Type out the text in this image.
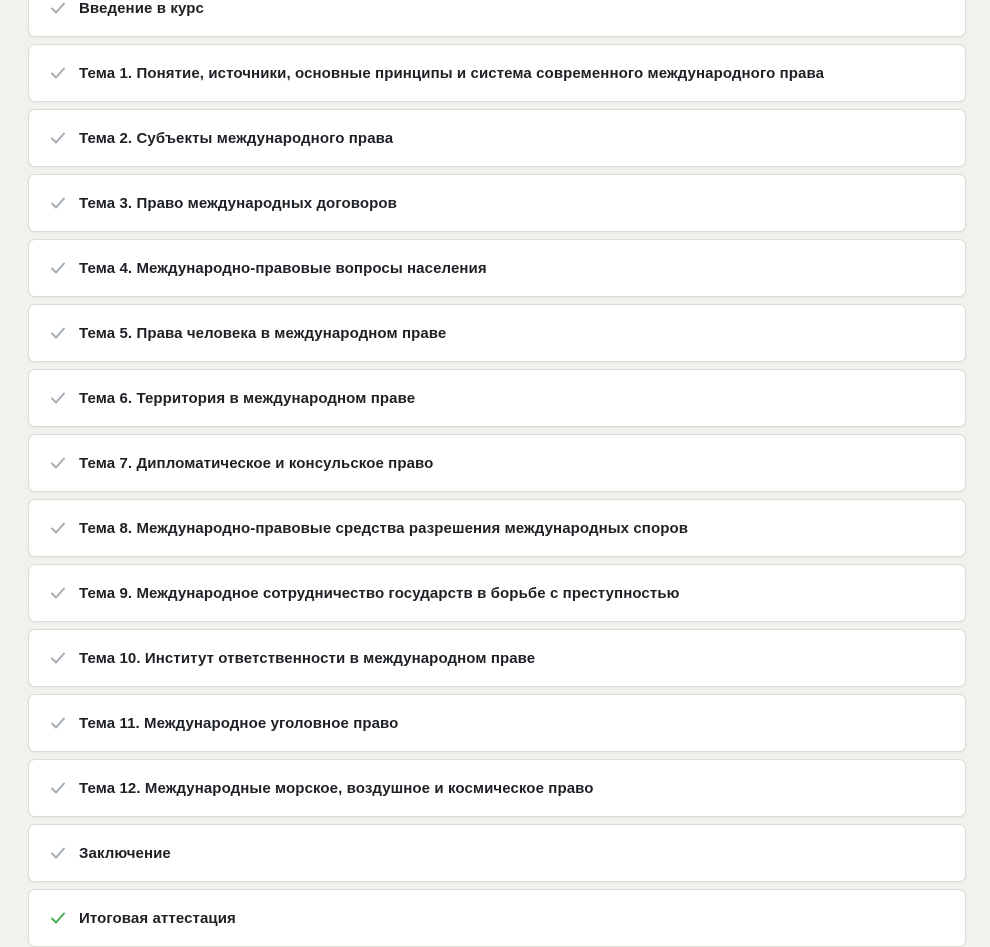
Введение в курс
Тема 1. Понятие, источники, основные принципы и система современного международного права
Тема 2. Субъекты международного права
Тема 3. Право международных договоров
Тема 4. Международно-правовые вопросы населения
Тема 5. Права человека в международном праве
Тема 6. Территория в международном праве
Тема 7. Дипломатическое и консульское право
Тема 8. Международно-правовые средства разрешения международных споров
Тема 9. Международное сотрудничество государств в борьбе с преступностью
Тема 10. Институт ответственности в международном праве
Тема 11. Международное уголовное право
Тема 12. Международные морское, воздушное и космическое право
Заключение
Итоговая аттестация
